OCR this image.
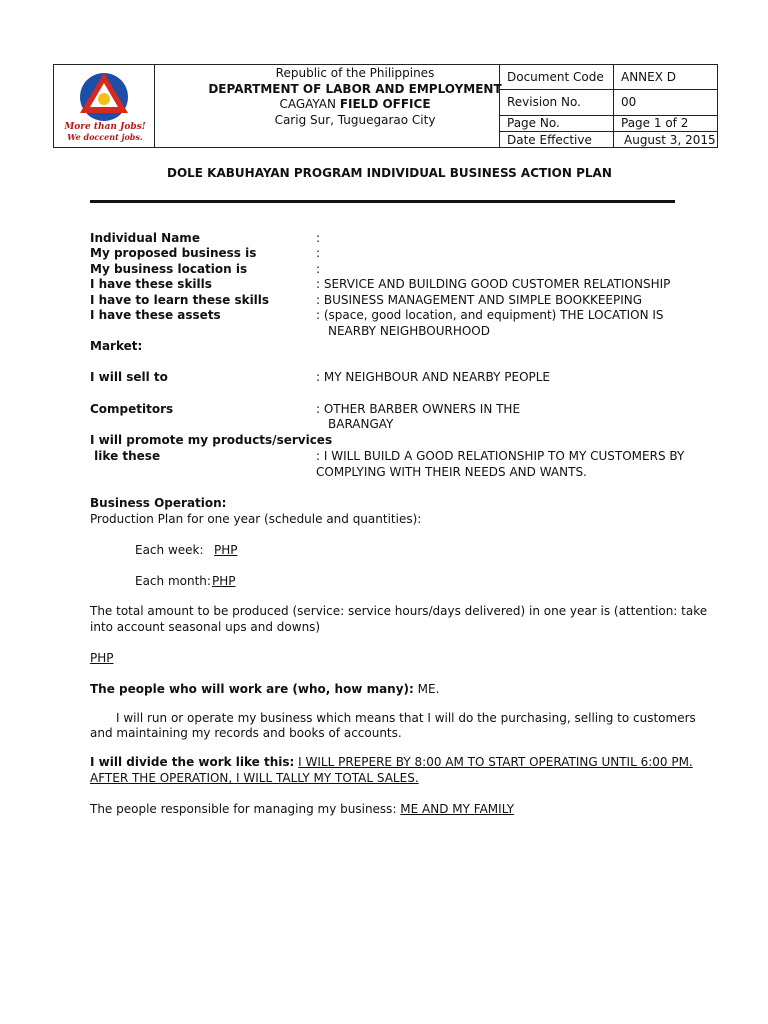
More than Jobs!
We doccent jobs.
Republic of the Philippines
DEPARTMENT OF LABOR AND EMPLOYMENT
CAGAYAN FIELD OFFICE
Carig Sur, Tuguegarao City
Document Code ANNEX D
Revision No.	00
Page No.	Page 1 of 2
Date Effective	August 3, 2015
DOLE KABUHAYAN PROGRAM INDIVIDUAL BUSINESS ACTION PLAN
Individual Name	:
My proposed business is	:
My business location is	:
I have these skills	: SERVICE AND BUILDING GOOD CUSTOMER RELATIONSHIP
I have to learn these skills	: BUSINESS MANAGEMENT AND SIMPLE BOOKKEEPING
I have these assets	: (space, good location, and equipment) THE LOCATION IS
NEARBY NEIGHBOURHOOD
Market:
I will sell to	: MY NEIGHBOUR AND NEARBY PEOPLE
Competitors	: OTHER BARBER OWNERS IN THE
BARANGAY
I will promote my products/services
like these	: I WILL BUILD A GOOD RELATIONSHIP TO MY CUSTOMERS BY
COMPLYING WITH THEIR NEEDS AND WANTS.
Business Operation:
Production Plan for one year (schedule and quantities):
Each week: PHP
Each month: PHP
The total amount to be produced (service: service hours/days delivered) in one year is (attention: take
into account seasonal ups and downs)
PHP
The people who will work are (who, how many): ME.
I will run or operate my business which means that I will do the purchasing, selling to customers
and maintaining my records and books of accounts.
I will divide the work like this: I WILL PREPERE BY 8:00 AM TO START OPERATING UNTIL 6:00 PM.
AFTER THE OPERATION, I WILL TALLY MY TOTAL SALES.
The people responsible for managing my business: ME AND MY FAMILY
